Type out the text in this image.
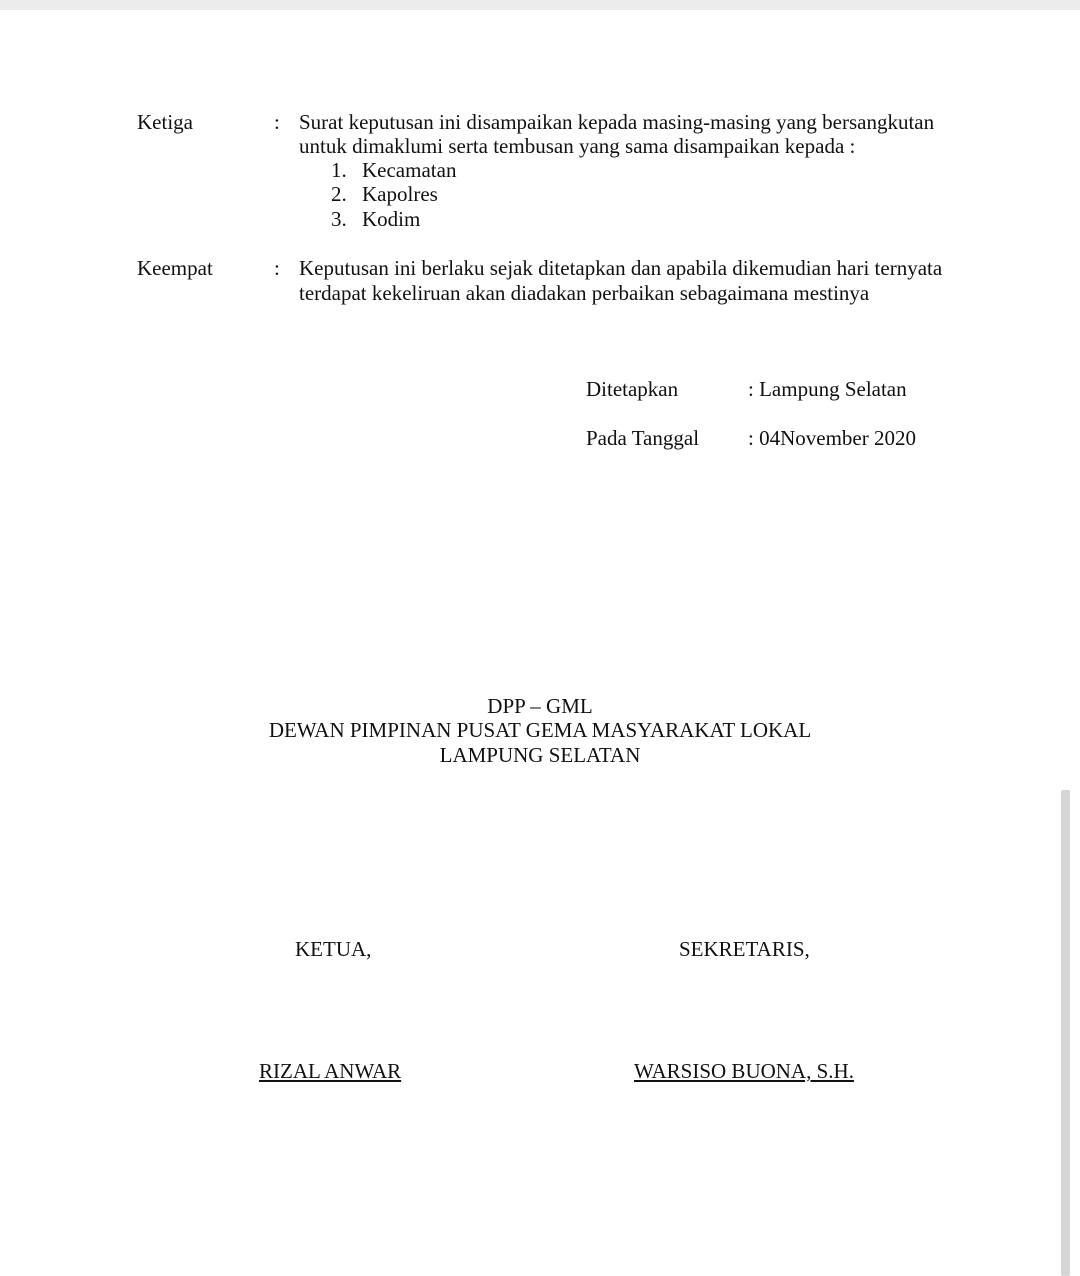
Ketiga	: Surat keputusan ini disampaikan kepada masing-masing yang bersangkutan
untuk dimaklumi serta tembusan yang sama disampaikan kepada :
1. Kecamatan
2. Kapolres
3. Kodim
Keempat	: Keputusan ini berlaku sejak ditetapkan dan apabila dikemudian hari ternyata
terdapat kekeliruan akan diadakan perbaikan sebagaimana mestinya
Ditetapkan	: Lampung Selatan
Pada Tanggal : 04November 2020
DPP – GML
DEWAN PIMPINAN PUSAT GEMA MASYARAKAT LOKAL
LAMPUNG SELATAN
KETUA,	SEKRETARIS,
RIZAL ANWAR	WARSISO BUONA, S.H.
